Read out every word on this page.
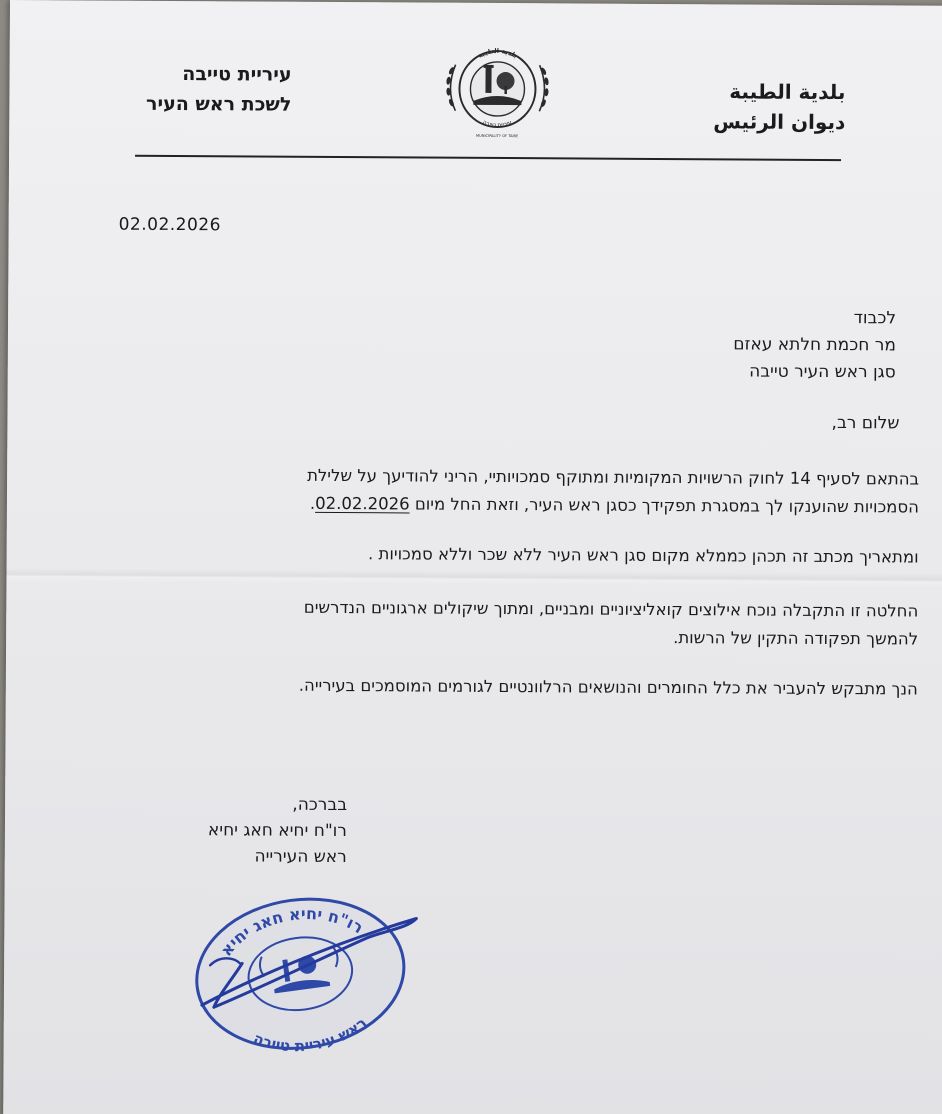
עיריית טייבה
לשכת ראש העיר
بلدية الطيبة
עיריית טייבה
MUNICIPALITY OF TAIBE
بلدية الطيبة
ديوان الرئيس
02.02.2026
לכבוד
מר חכמת חלתא עאזם
סגן ראש העיר טייבה
שלום רב,
בהתאם לסעיף 14 לחוק הרשויות המקומיות ומתוקף סמכויותיי, הריני להודיעך על שלילת
הסמכויות שהוענקו לך במסגרת תפקידך כסגן ראש העיר, וזאת החל מיום 02.02.2026.
ומתאריך מכתב זה תכהן כממלא מקום סגן ראש העיר ללא שכר וללא סמכויות .
החלטה זו התקבלה נוכח אילוצים קואליציוניים ומבניים, ומתוך שיקולים ארגוניים הנדרשים
להמשך תפקודה התקין של הרשות.
הנך מתבקש להעביר את כלל החומרים והנושאים הרלוונטיים לגורמים המוסמכים בעירייה.
בברכה,
רו"ח יחיא חאג יחיא
ראש העירייה
רו"ח יחיא חאג יחיא
ראש עיריית טייבה
